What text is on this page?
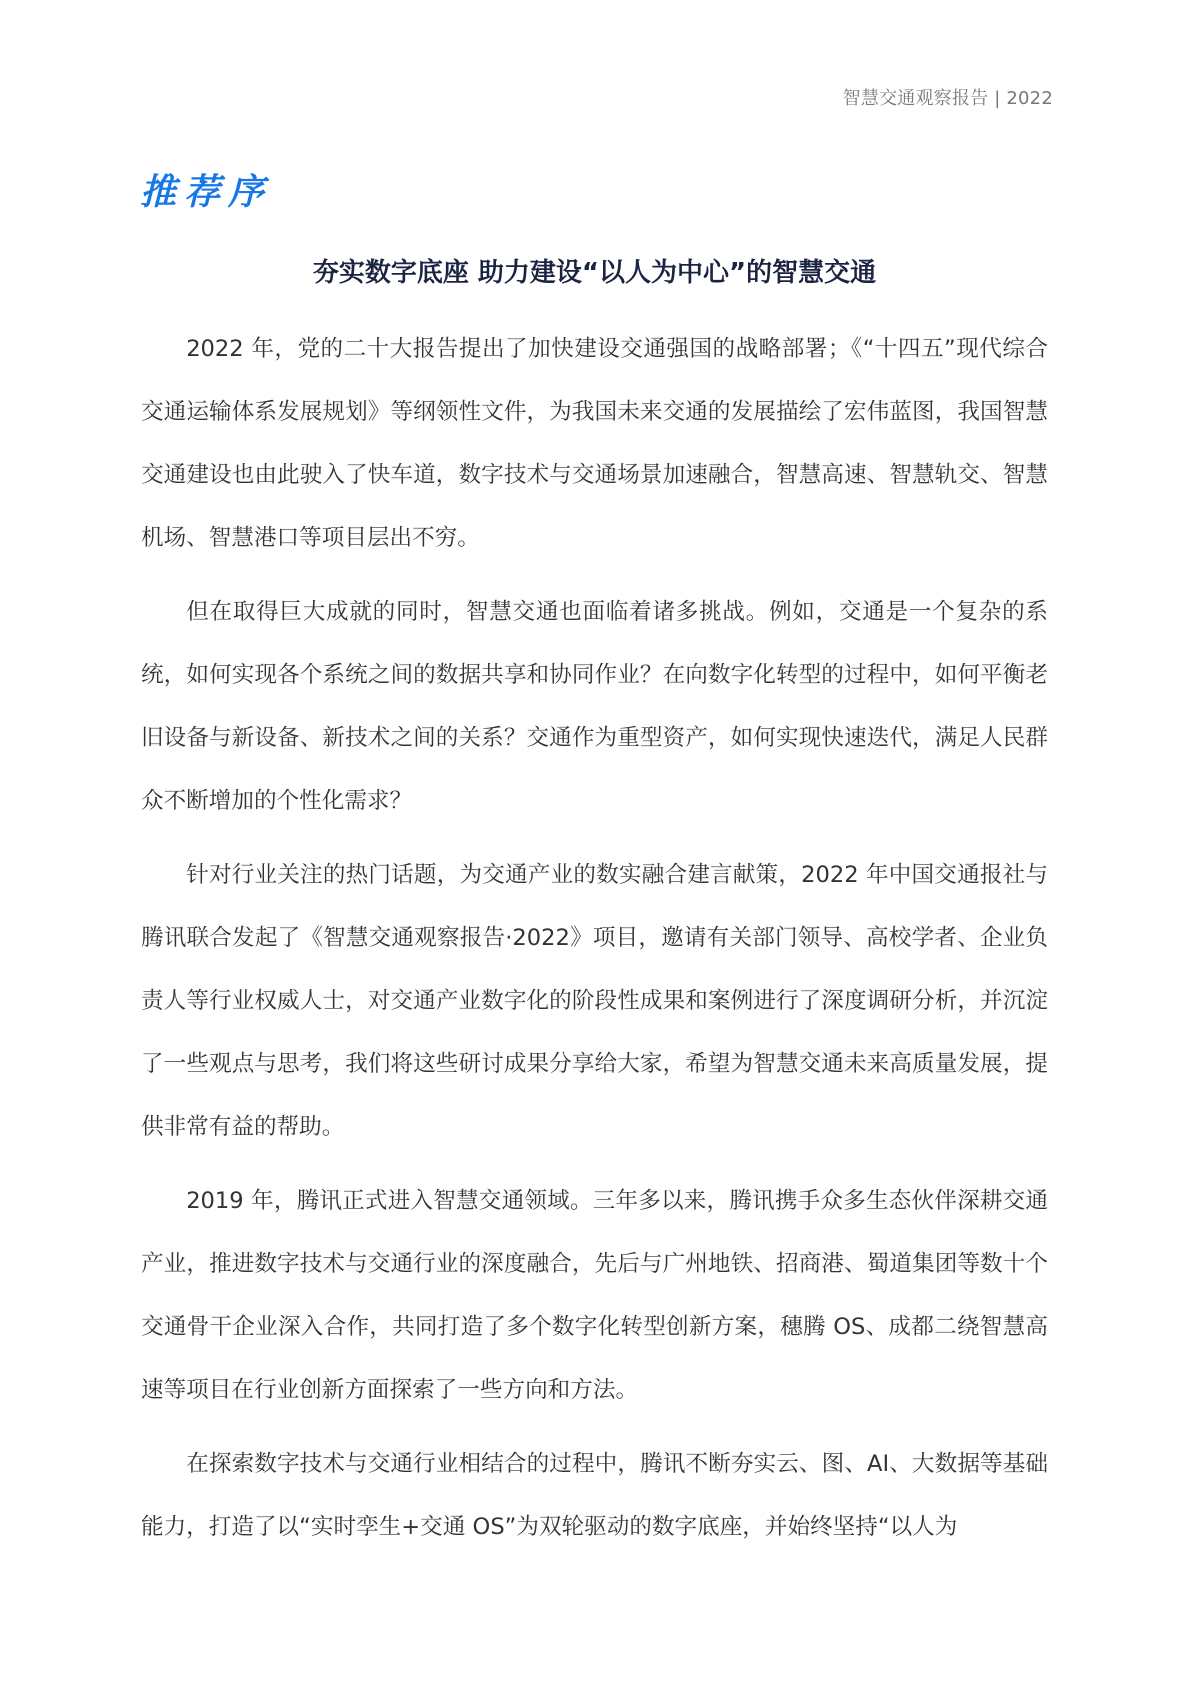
智慧交通观察报告 | 2022
推荐序
夯实数字底座 助力建设“以人为中心”的智慧交通

2022 年，党的二十大报告提出了加快建设交通强国的战略部署；《“十四五”现代综合交通运输体系发展规划》等纲领性文件，为我国未来交通的发展描绘了宏伟蓝图，我国智慧交通建设也由此驶入了快车道，数字技术与交通场景加速融合，智慧高速、智慧轨交、智慧机场、智慧港口等项目层出不穷。

但在取得巨大成就的同时，智慧交通也面临着诸多挑战。例如，交通是一个复杂的系统，如何实现各个系统之间的数据共享和协同作业？在向数字化转型的过程中，如何平衡老旧设备与新设备、新技术之间的关系？交通作为重型资产，如何实现快速迭代，满足人民群众不断增加的个性化需求？

针对行业关注的热门话题，为交通产业的数实融合建言献策，2022 年中国交通报社与腾讯联合发起了《智慧交通观察报告·2022》项目，邀请有关部门领导、高校学者、企业负责人等行业权威人士，对交通产业数字化的阶段性成果和案例进行了深度调研分析，并沉淀了一些观点与思考，我们将这些研讨成果分享给大家，希望为智慧交通未来高质量发展，提供非常有益的帮助。

2019 年，腾讯正式进入智慧交通领域。三年多以来，腾讯携手众多生态伙伴深耕交通产业，推进数字技术与交通行业的深度融合，先后与广州地铁、招商港、蜀道集团等数十个交通骨干企业深入合作，共同打造了多个数字化转型创新方案，穗腾 OS、成都二绕智慧高速等项目在行业创新方面探索了一些方向和方法。

在探索数字技术与交通行业相结合的过程中，腾讯不断夯实云、图、AI、大数据等基础能力，打造了以“实时孪生+交通 OS”为双轮驱动的数字底座，并始终坚持“以人为
